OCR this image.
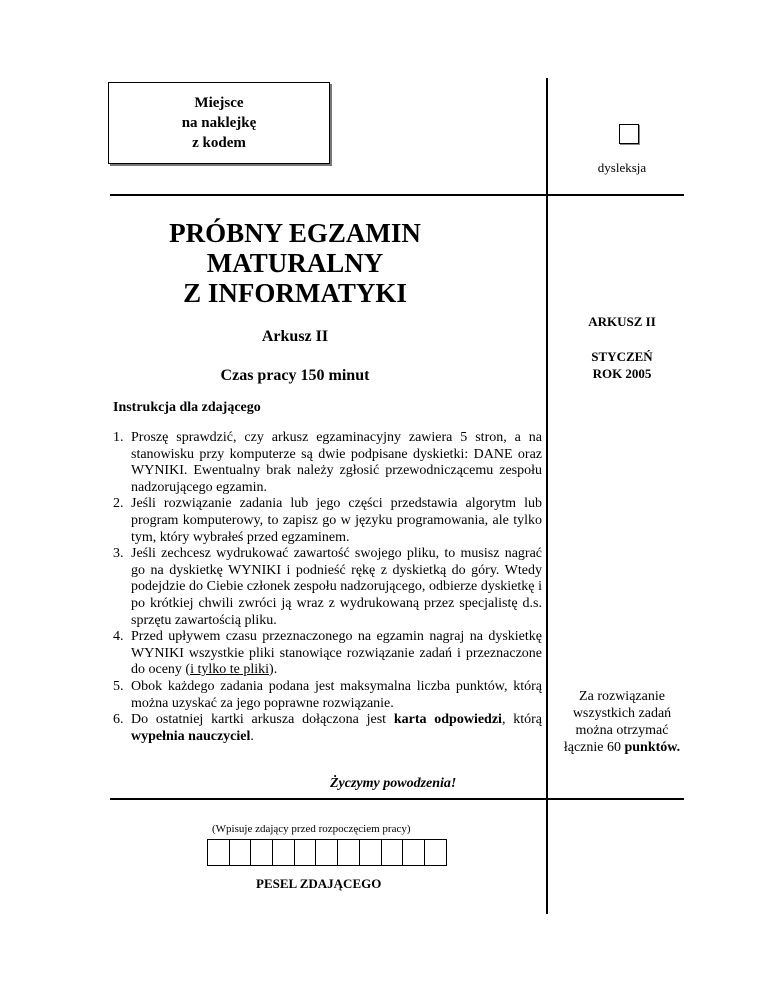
Miejsce
na naklejkę
z kodem
dysleksja
PRÓBNY EGZAMIN
MATURALNY
Z INFORMATYKI
Arkusz II
Czas pracy 150 minut
ARKUSZ II
STYCZEŃ
ROK 2005
Instrukcja dla zdającego
1. Proszę sprawdzić, czy arkusz egzaminacyjny zawiera 5 stron, a na stanowisku przy komputerze są dwie podpisane dyskietki: DANE oraz WYNIKI. Ewentualny brak należy zgłosić przewodniczącemu zespołu nadzorującego egzamin.
2. Jeśli rozwiązanie zadania lub jego części przedstawia algorytm lub program komputerowy, to zapisz go w języku programowania, ale tylko tym, który wybrałeś przed egzaminem.
3. Jeśli zechcesz wydrukować zawartość swojego pliku, to musisz nagrać go na dyskietkę WYNIKI i podnieść rękę z dyskietką do góry. Wtedy podejdzie do Ciebie członek zespołu nadzorującego, odbierze dyskietkę i po krótkiej chwili zwróci ją wraz z wydrukowaną przez specjalistę d.s. sprzętu zawartością pliku.
4. Przed upływem czasu przeznaczonego na egzamin nagraj na dyskietkę WYNIKI wszystkie pliki stanowiące rozwiązanie zadań i przeznaczone do oceny (i tylko te pliki).
5. Obok każdego zadania podana jest maksymalna liczba punktów, którą można uzyskać za jego poprawne rozwiązanie.
6. Do ostatniej kartki arkusza dołączona jest karta odpowiedzi, którą wypełnia nauczyciel.
Życzymy powodzenia!
Za rozwiązanie
wszystkich zadań
można otrzymać
łącznie 60 punktów.
(Wpisuje zdający przed rozpoczęciem pracy)
PESEL ZDAJĄCEGO
